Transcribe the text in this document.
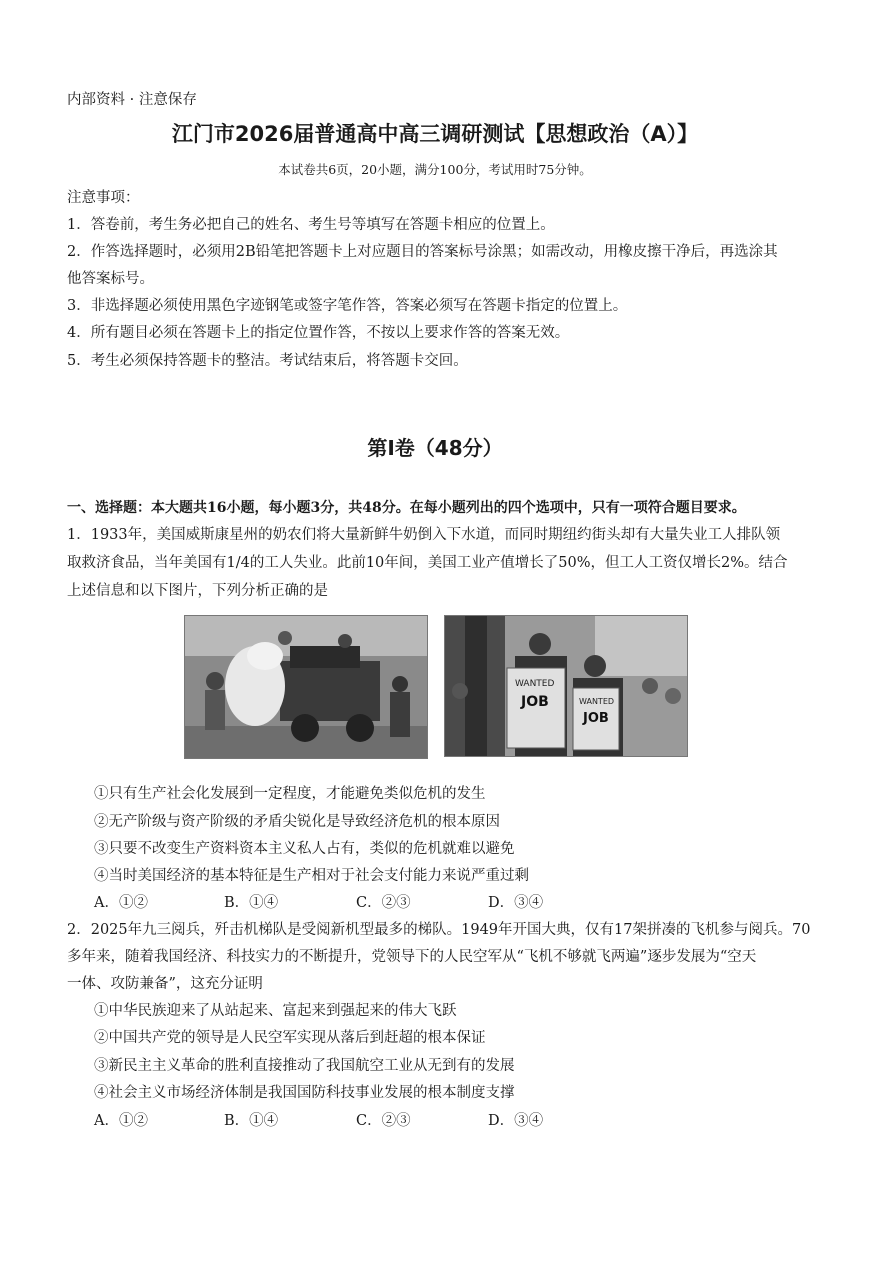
内部资料 · 注意保存
江门市2026届普通高中高三调研测试【思想政治（A）】
本试卷共6页，20小题，满分100分，考试用时75分钟。
注意事项：
1．答卷前，考生务必把自己的姓名、考生号等填写在答题卡相应的位置上。
2．作答选择题时，必须用2B铅笔把答题卡上对应题目的答案标号涂黑；如需改动，用橡皮擦干净后，再选涂其
他答案标号。
3．非选择题必须使用黑色字迹钢笔或签字笔作答，答案必须写在答题卡指定的位置上。
4．所有题目必须在答题卡上的指定位置作答，不按以上要求作答的答案无效。
5．考生必须保持答题卡的整洁。考试结束后，将答题卡交回。
第Ⅰ卷（48分）
一、选择题：本大题共16小题，每小题3分，共48分。在每小题列出的四个选项中，只有一项符合题目要求。
1．1933年，美国威斯康星州的奶农们将大量新鲜牛奶倒入下水道，而同时期纽约街头却有大量失业工人排队领
取救济食品，当年美国有1/4的工人失业。此前10年间，美国工业产值增长了50%，但工人工资仅增长2%。结合
上述信息和以下图片，下列分析正确的是
WANTED
JOB	WANTED
JOB
①只有生产社会化发展到一定程度，才能避免类似危机的发生
②无产阶级与资产阶级的矛盾尖锐化是导致经济危机的根本原因
③只要不改变生产资料资本主义私人占有，类似的危机就难以避免
④当时美国经济的基本特征是生产相对于社会支付能力来说严重过剩
A．①②	B．①④	C．②③	D．③④
2．2025年九三阅兵，歼击机梯队是受阅新机型最多的梯队。1949年开国大典，仅有17架拼凑的飞机参与阅兵。70
多年来，随着我国经济、科技实力的不断提升，党领导下的人民空军从“飞机不够就飞两遍”逐步发展为“空天
一体、攻防兼备”，这充分证明
①中华民族迎来了从站起来、富起来到强起来的伟大飞跃
②中国共产党的领导是人民空军实现从落后到赶超的根本保证
③新民主主义革命的胜利直接推动了我国航空工业从无到有的发展
④社会主义市场经济体制是我国国防科技事业发展的根本制度支撑
A．①②	B．①④	C．②③	D．③④
